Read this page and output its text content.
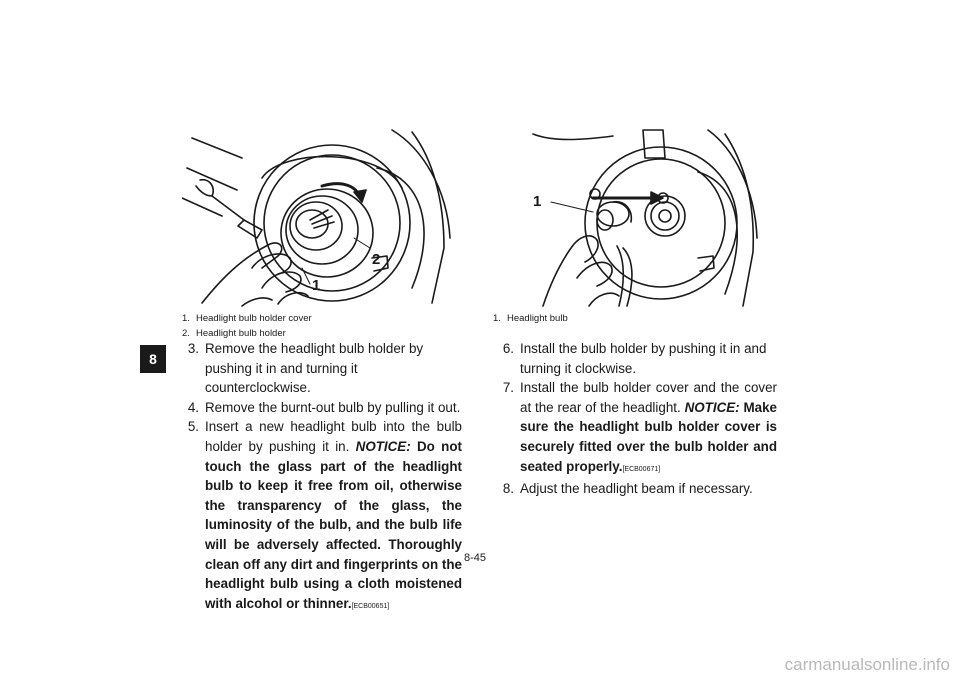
8
2
1
1. Headlight bulb holder cover
2. Headlight bulb holder
1
1. Headlight bulb
3. Remove the headlight bulb holder by pushing it in and turning it counterclockwise.
4. Remove the burnt-out bulb by pulling it out.
5. Insert a new headlight bulb into the bulb holder by pushing it in. NOTICE: Do not touch the glass part of the headlight bulb to keep it free from oil, otherwise the transparency of the glass, the luminosity of the bulb, and the bulb life will be adversely affected. Thoroughly clean off any dirt and fingerprints on the headlight bulb using a cloth moistened with alcohol or thinner.[ECB00651]
6. Install the bulb holder by pushing it in and turning it clockwise.
7. Install the bulb holder cover and the cover at the rear of the headlight. NOTICE: Make sure the headlight bulb holder cover is securely fitted over the bulb holder and seated properly.[ECB00671]
8. Adjust the headlight beam if necessary.
8-45
carmanualsonline.info
